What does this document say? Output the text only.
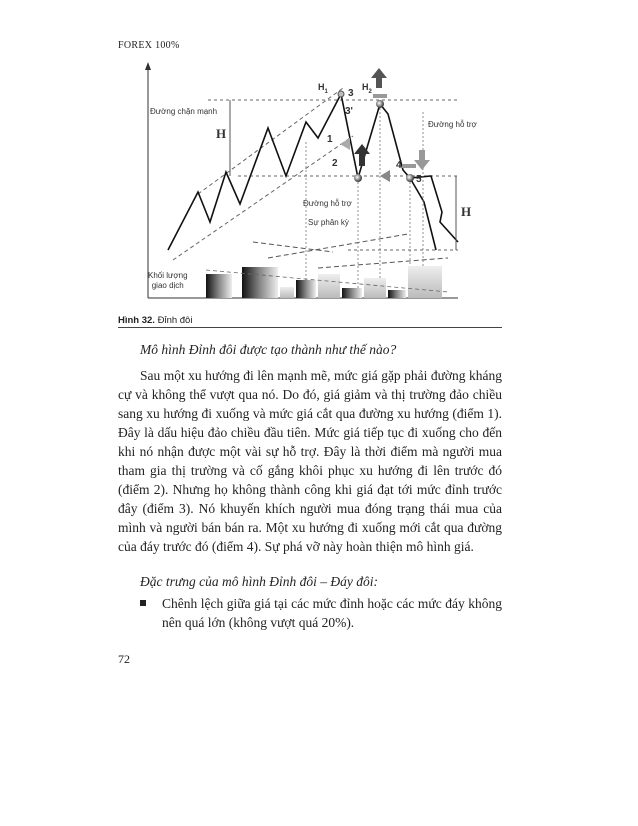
FOREX 100%
Đường chặn mạnh
Đường hỗ trợ
Đường hỗ trợ
Sự phân kỳ
Khối lượng
giao dịch
H
H
$H_1$	$H_2$
1
2
3
3'
4
5
Hình 32. Đỉnh đôi
Mô hình Đỉnh đôi được tạo thành như thế nào?
Sau một xu hướng đi lên mạnh mẽ, mức giá gặp phải đường kháng cự và không thể vượt qua nó. Do đó, giá giảm và thị trường đảo chiều sang xu hướng đi xuống và mức giá cắt qua đường xu hướng (điểm 1). Đây là dấu hiệu đảo chiều đầu tiên. Mức giá tiếp tục đi xuống cho đến khi nó nhận được một vài sự hỗ trợ. Đây là thời điểm mà người mua tham gia thị trường và cố gắng khôi phục xu hướng đi lên trước đó (điểm 2). Nhưng họ không thành công khi giá đạt tới mức đỉnh trước đây (điểm 3). Nó khuyến khích người mua đóng trạng thái mua của mình và người bán bán ra. Một xu hướng đi xuống mới cắt qua đường của đáy trước đó (điểm 4). Sự phá vỡ này hoàn thiện mô hình giá.
Đặc trưng của mô hình Đỉnh đôi – Đáy đôi:
Chênh lệch giữa giá tại các mức đỉnh hoặc các mức đáy không nên quá lớn (không vượt quá 20%).
72
